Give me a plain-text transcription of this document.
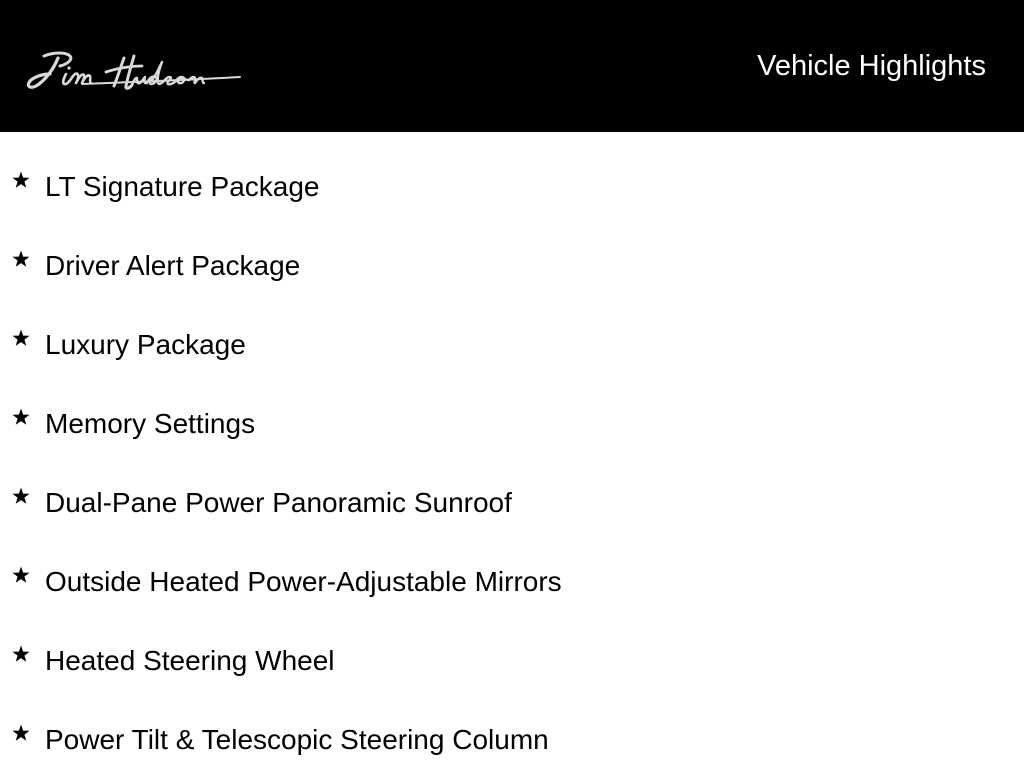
Vehicle Highlights
LT Signature Package
Driver Alert Package
Luxury Package
Memory Settings
Dual-Pane Power Panoramic Sunroof
Outside Heated Power-Adjustable Mirrors
Heated Steering Wheel
Power Tilt & Telescopic Steering Column
